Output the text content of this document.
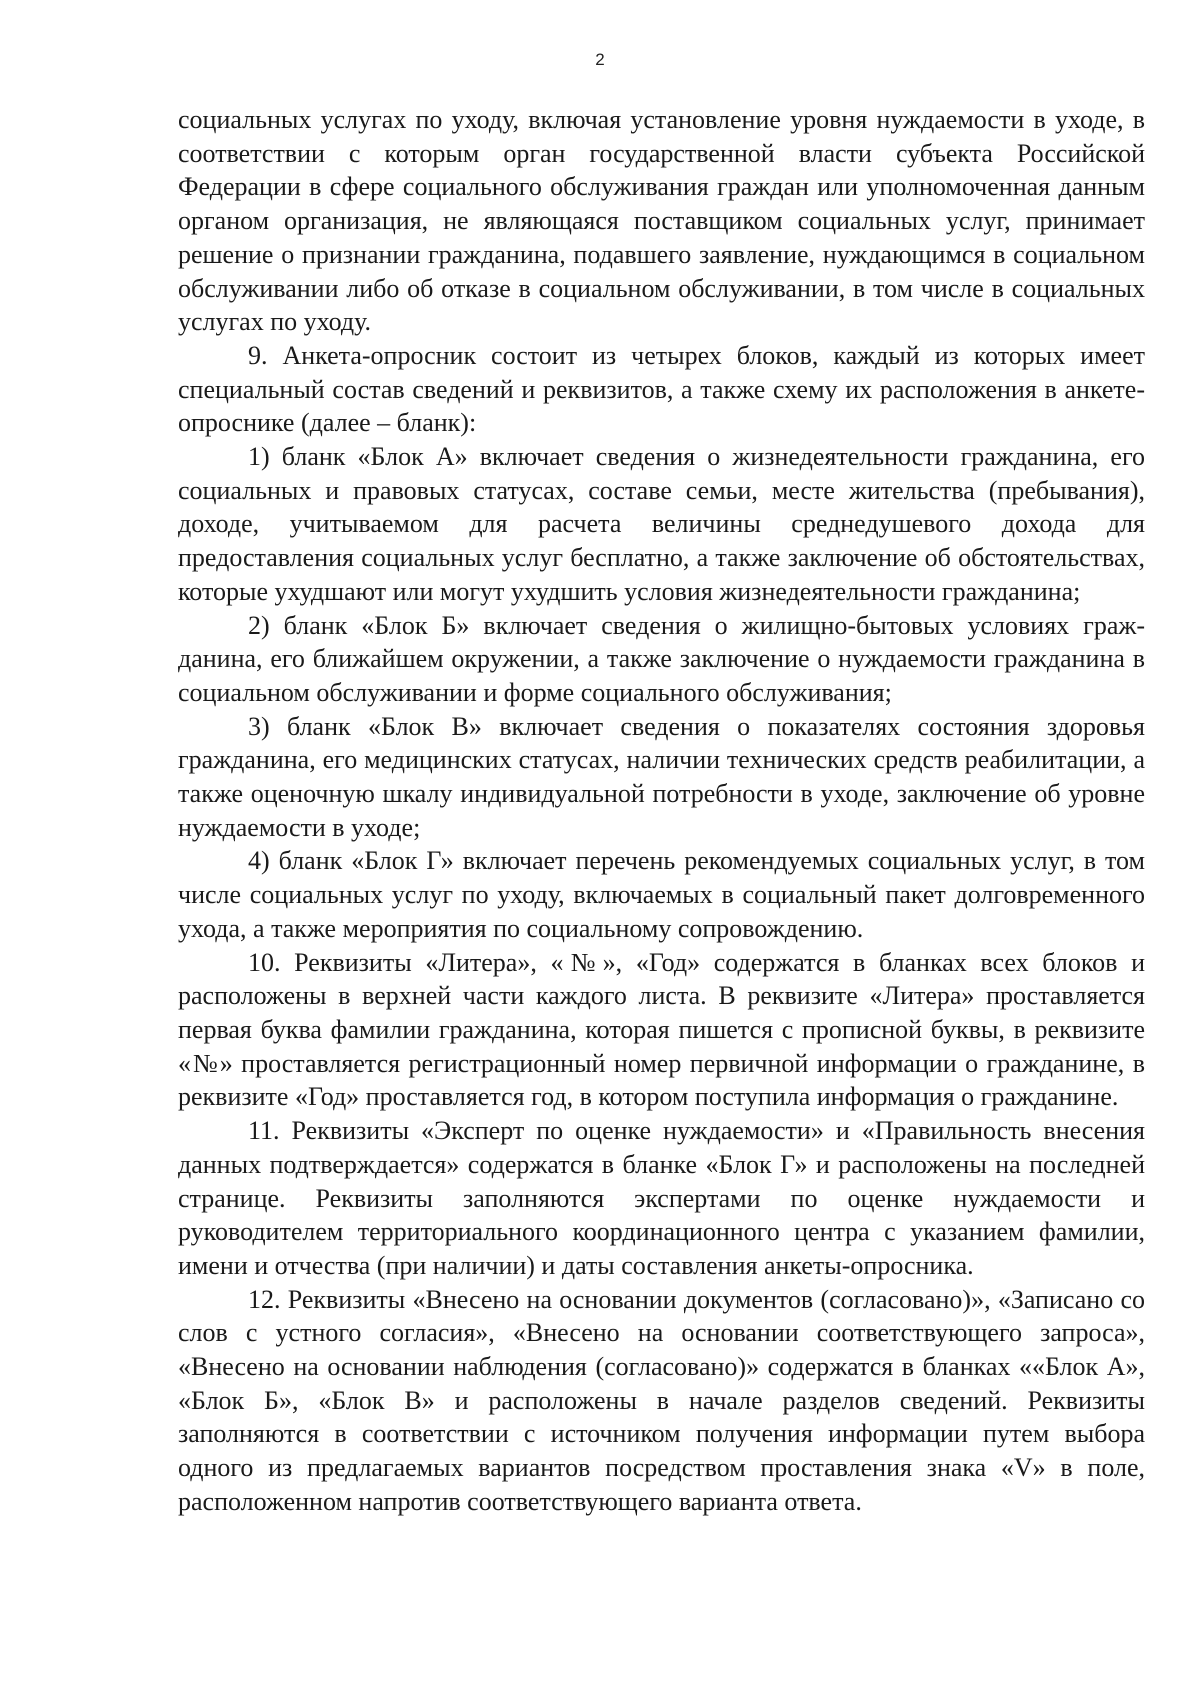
2

социальных услугах по уходу, включая установление уровня нуждаемости в уходе, в соответствии с которым орган государственной власти субъекта Российской Федерации в сфере социального обслуживания граждан или уполномоченная данным органом организация, не являющаяся поставщиком социальных услуг, принимает решение о признании гражданина, подавшего заявление, нуждающимся в социальном обслуживании либо об отказе в социальном обслуживании, в том числе в социальных услугах по уходу.

9. Анкета-опросник состоит из четырех блоков, каждый из которых имеет специальный состав сведений и реквизитов, а также схему их расположения в анкете-опроснике (далее – бланк):

1) бланк «Блок А» включает сведения о жизнедеятельности гражданина, его социальных и правовых статусах, составе семьи, месте жительства (пребывания), доходе, учитываемом для расчета величины среднедушевого дохода для предоставления социальных услуг бесплатно, а также заключение об обстоятельствах, которые ухудшают или могут ухудшить условия жизнедеятельности гражданина;

2) бланк «Блок Б» включает сведения о жилищно-бытовых условиях гражданина, его ближайшем окружении, а также заключение о нуждаемости гражданина в социальном обслуживании и форме социального обслуживания;

3) бланк «Блок В» включает сведения о показателях состояния здоровья гражданина, его медицинских статусах, наличии технических средств реабилитации, а также оценочную шкалу индивидуальной потребности в уходе, заключение об уровне нуждаемости в уходе;

4) бланк «Блок Г» включает перечень рекомендуемых социальных услуг, в том числе социальных услуг по уходу, включаемых в социальный пакет долговременного ухода, а также мероприятия по социальному сопровождению.

10. Реквизиты «Литера», «№», «Год» содержатся в бланках всех блоков и расположены в верхней части каждого листа. В реквизите «Литера» проставляется первая буква фамилии гражданина, которая пишется с прописной буквы, в реквизите «№» проставляется регистрационный номер первичной информации о гражданине, в реквизите «Год» проставляется год, в котором поступила информация о гражданине.

11. Реквизиты «Эксперт по оценке нуждаемости» и «Правильность внесения данных подтверждается» содержатся в бланке «Блок Г» и расположены на последней странице. Реквизиты заполняются экспертами по оценке нуждаемости и руководителем территориального координационного центра с указанием фамилии, имени и отчества (при наличии) и даты составления анкеты-опросника.

12. Реквизиты «Внесено на основании документов (согласовано)», «Записано со слов с устного согласия», «Внесено на основании соответствующего запроса», «Внесено на основании наблюдения (согласовано)» содержатся в бланках ««Блок А», «Блок Б», «Блок В» и расположены в начале разделов сведений. Реквизиты заполняются в соответствии с источником получения информации путем выбора одного из предлагаемых вариантов посредством проставления знака «V» в поле, расположенном напротив соответствующего варианта ответа.
